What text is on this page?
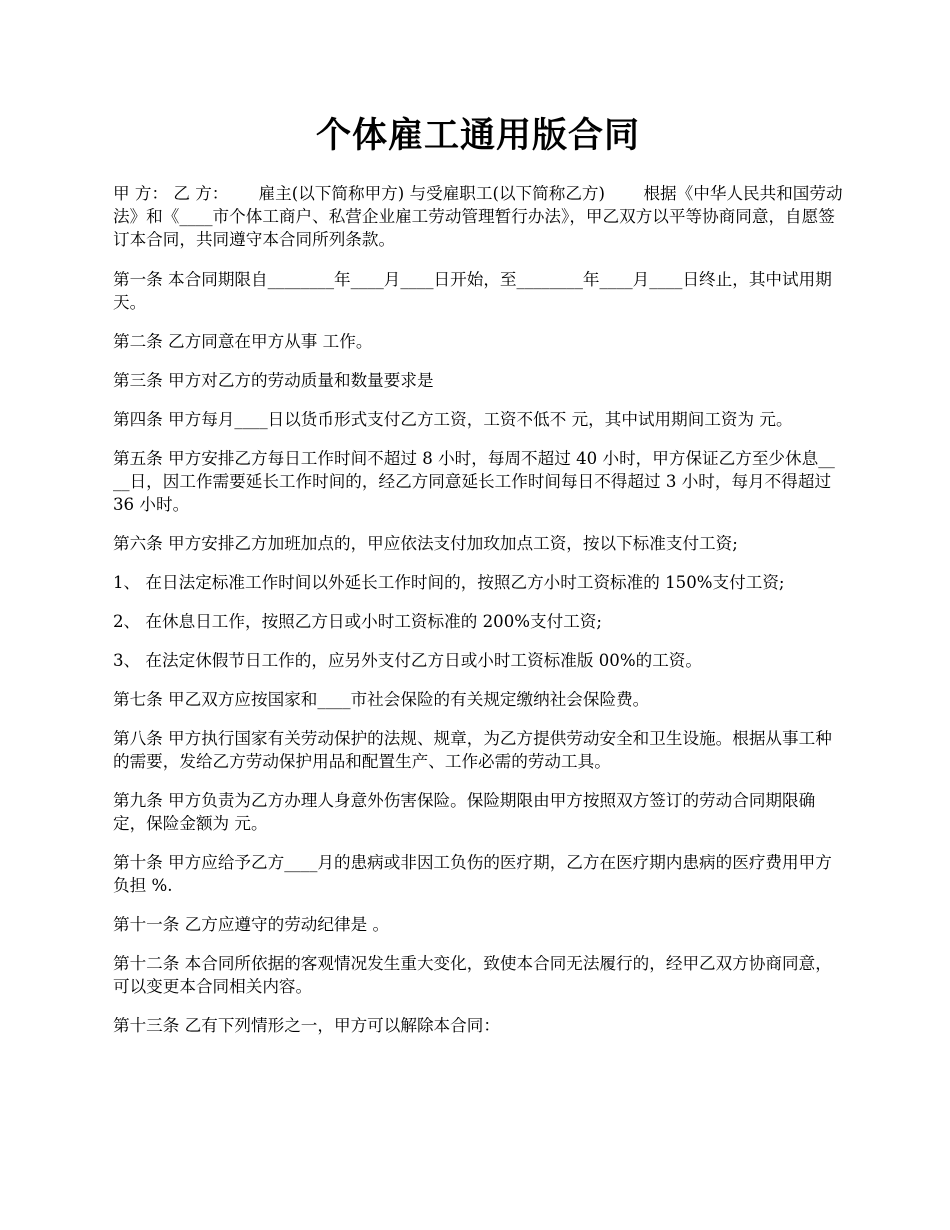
个体雇工通用版合同

甲 方： 乙 方：　　 雇主(以下简称甲方) 与受雇职工(以下简称乙方)　　 根据《中华人民共和国劳动法》和《____市个体工商户、私营企业雇工劳动管理暂行办法》，甲乙双方以平等协商同意，自愿签订本合同，共同遵守本合同所列条款。

第一条 本合同期限自________年____月____日开始，至________年____月____日终止，其中试用期 天。

第二条 乙方同意在甲方从事 工作。

第三条 甲方对乙方的劳动质量和数量要求是

第四条 甲方每月____日以货币形式支付乙方工资，工资不低不 元，其中试用期间工资为 元。

第五条 甲方安排乙方每日工作时间不超过 8 小时，每周不超过 40 小时，甲方保证乙方至少休息____日，因工作需要延长工作时间的，经乙方同意延长工作时间每日不得超过 3 小时，每月不得超过 36 小时。

第六条 甲方安排乙方加班加点的，甲应依法支付加玫加点工资，按以下标准支付工资;

1、 在日法定标准工作时间以外延长工作时间的，按照乙方小时工资标准的 150%支付工资;

2、 在休息日工作，按照乙方日或小时工资标准的 200%支付工资;

3、 在法定休假节日工作的，应另外支付乙方日或小时工资标准版 00%的工资。

第七条 甲乙双方应按国家和____市社会保险的有关规定缴纳社会保险费。

第八条 甲方执行国家有关劳动保护的法规、规章，为乙方提供劳动安全和卫生设施。根据从事工种的需要，发给乙方劳动保护用品和配置生产、工作必需的劳动工具。

第九条 甲方负责为乙方办理人身意外伤害保险。保险期限由甲方按照双方签订的劳动合同期限确定，保险金额为 元。

第十条 甲方应给予乙方____月的患病或非因工负伤的医疗期，乙方在医疗期内患病的医疗费用甲方负担 %.

第十一条 乙方应遵守的劳动纪律是 。

第十二条 本合同所依据的客观情况发生重大变化，致使本合同无法履行的，经甲乙双方协商同意，可以变更本合同相关内容。

第十三条 乙有下列情形之一，甲方可以解除本合同：
